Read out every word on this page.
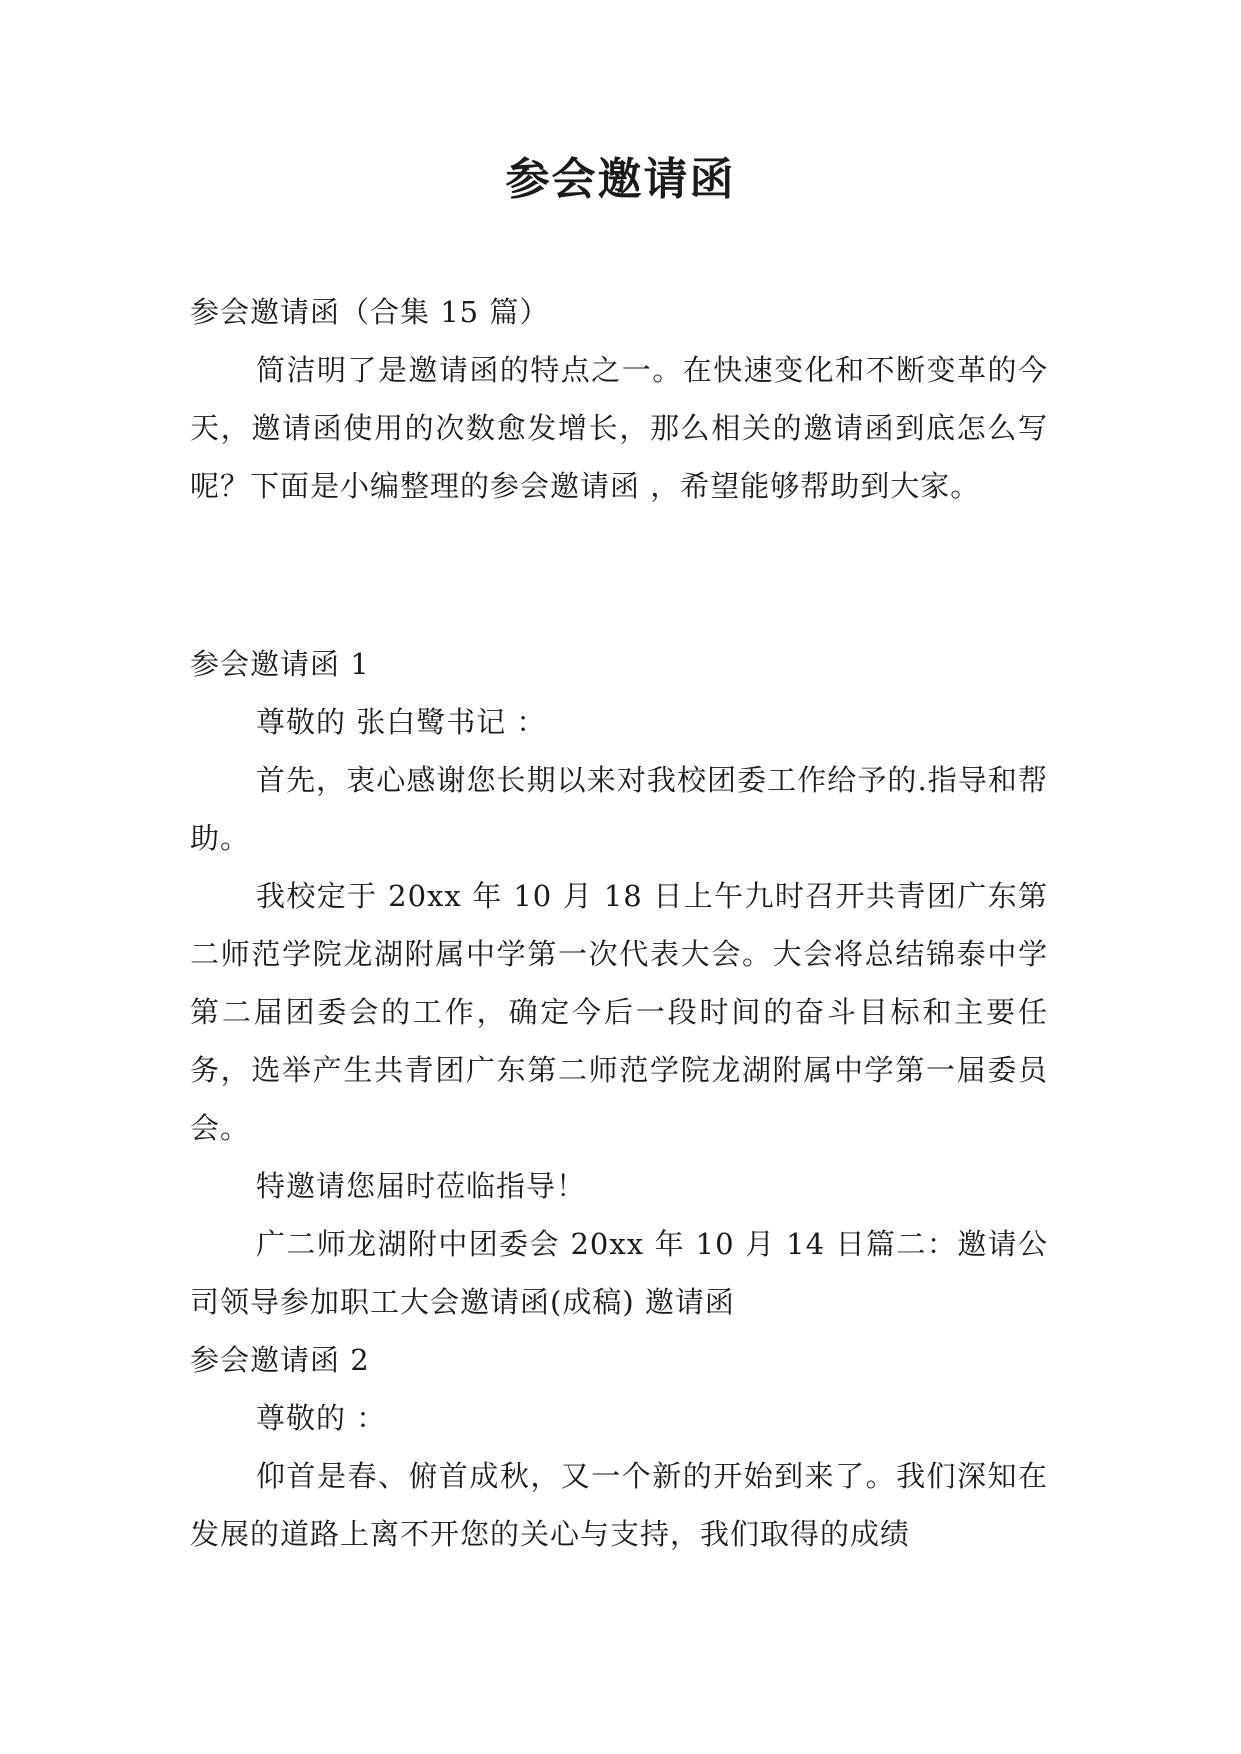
参会邀请函

参会邀请函（合集 15 篇）

简洁明了是邀请函的特点之一。在快速变化和不断变革的今天，邀请函使用的次数愈发增长，那么相关的邀请函到底怎么写呢？下面是小编整理的参会邀请函 ，希望能够帮助到大家。

参会邀请函 1

尊敬的 张白鹭书记 ：

首先，衷心感谢您长期以来对我校团委工作给予的.指导和帮助。

我校定于 20xx 年 10 月 18 日上午九时召开共青团广东第二师范学院龙湖附属中学第一次代表大会。大会将总结锦泰中学第二届团委会的工作，确定今后一段时间的奋斗目标和主要任务，选举产生共青团广东第二师范学院龙湖附属中学第一届委员会。

特邀请您届时莅临指导！

广二师龙湖附中团委会 20xx 年 10 月 14 日篇二：邀请公司领导参加职工大会邀请函(成稿) 邀请函

参会邀请函 2

尊敬的 ：

仰首是春、俯首成秋，又一个新的开始到来了。我们深知在发展的道路上离不开您的关心与支持，我们取得的成绩
